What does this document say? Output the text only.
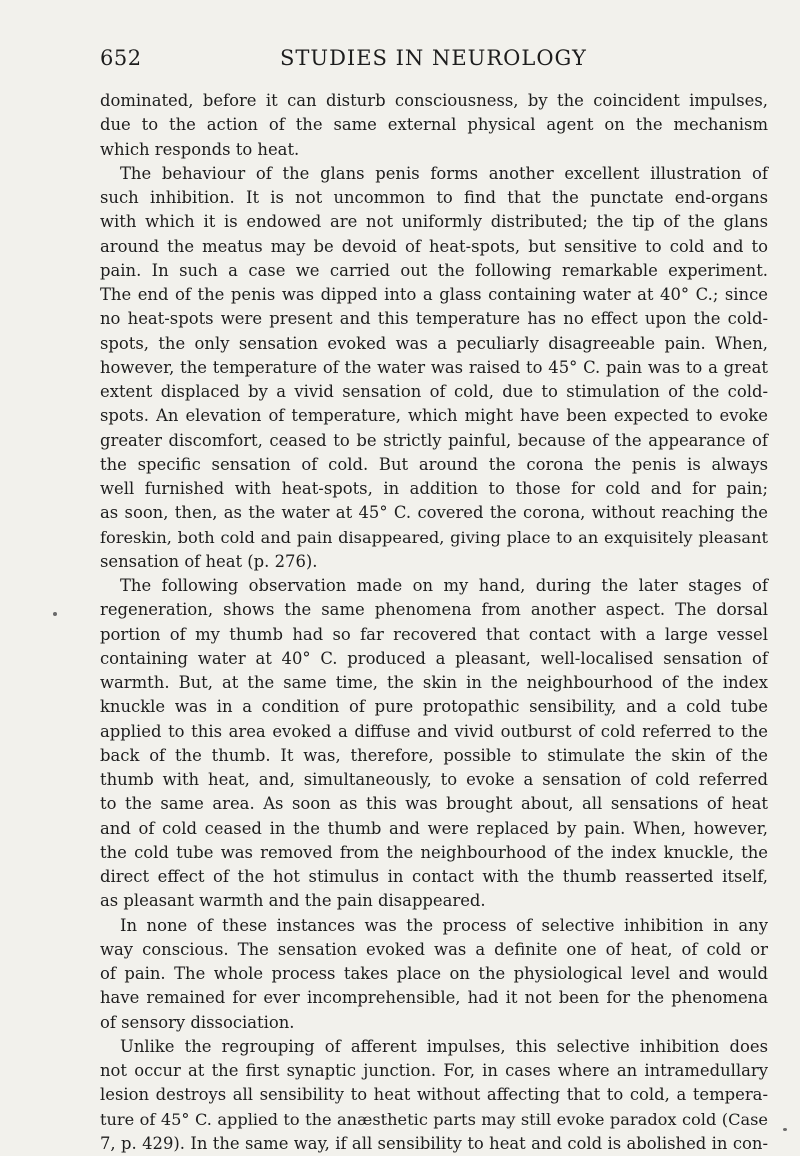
652	STUDIES IN NEUROLOGY
dominated, before it can disturb consciousness, by the coincident impulses,
due to the action of the same external physical agent on the mechanism
which responds to heat.
The behaviour of the glans penis forms another excellent illustration of
such inhibition. It is not uncommon to find that the punctate end-organs
with which it is endowed are not uniformly distributed; the tip of the glans
around the meatus may be devoid of heat-spots, but sensitive to cold and to
pain. In such a case we carried out the following remarkable experiment.
The end of the penis was dipped into a glass containing water at 40° C.; since
no heat-spots were present and this temperature has no effect upon the cold-
spots, the only sensation evoked was a peculiarly disagreeable pain. When,
however, the temperature of the water was raised to 45° C. pain was to a great
extent displaced by a vivid sensation of cold, due to stimulation of the cold-
spots. An elevation of temperature, which might have been expected to evoke
greater discomfort, ceased to be strictly painful, because of the appearance of
the specific sensation of cold. But around the corona the penis is always
well furnished with heat-spots, in addition to those for cold and for pain;
as soon, then, as the water at 45° C. covered the corona, without reaching the
foreskin, both cold and pain disappeared, giving place to an exquisitely pleasant
sensation of heat (p. 276).
The following observation made on my hand, during the later stages of
regeneration, shows the same phenomena from another aspect. The dorsal
portion of my thumb had so far recovered that contact with a large vessel
containing water at 40° C. produced a pleasant, well-localised sensation of
warmth. But, at the same time, the skin in the neighbourhood of the index
knuckle was in a condition of pure protopathic sensibility, and a cold tube
applied to this area evoked a diffuse and vivid outburst of cold referred to the
back of the thumb. It was, therefore, possible to stimulate the skin of the
thumb with heat, and, simultaneously, to evoke a sensation of cold referred
to the same area. As soon as this was brought about, all sensations of heat
and of cold ceased in the thumb and were replaced by pain. When, however,
the cold tube was removed from the neighbourhood of the index knuckle, the
direct effect of the hot stimulus in contact with the thumb reasserted itself,
as pleasant warmth and the pain disappeared.
In none of these instances was the process of selective inhibition in any
way conscious. The sensation evoked was a definite one of heat, of cold or
of pain. The whole process takes place on the physiological level and would
have remained for ever incomprehensible, had it not been for the phenomena
of sensory dissociation.
Unlike the regrouping of afferent impulses, this selective inhibition does
not occur at the first synaptic junction. For, in cases where an intramedullary
lesion destroys all sensibility to heat without affecting that to cold, a tempera-
ture of 45° C. applied to the anæsthetic parts may still evoke paradox cold (Case
7, p. 429). In the same way, if all sensibility to heat and cold is abolished in con-
